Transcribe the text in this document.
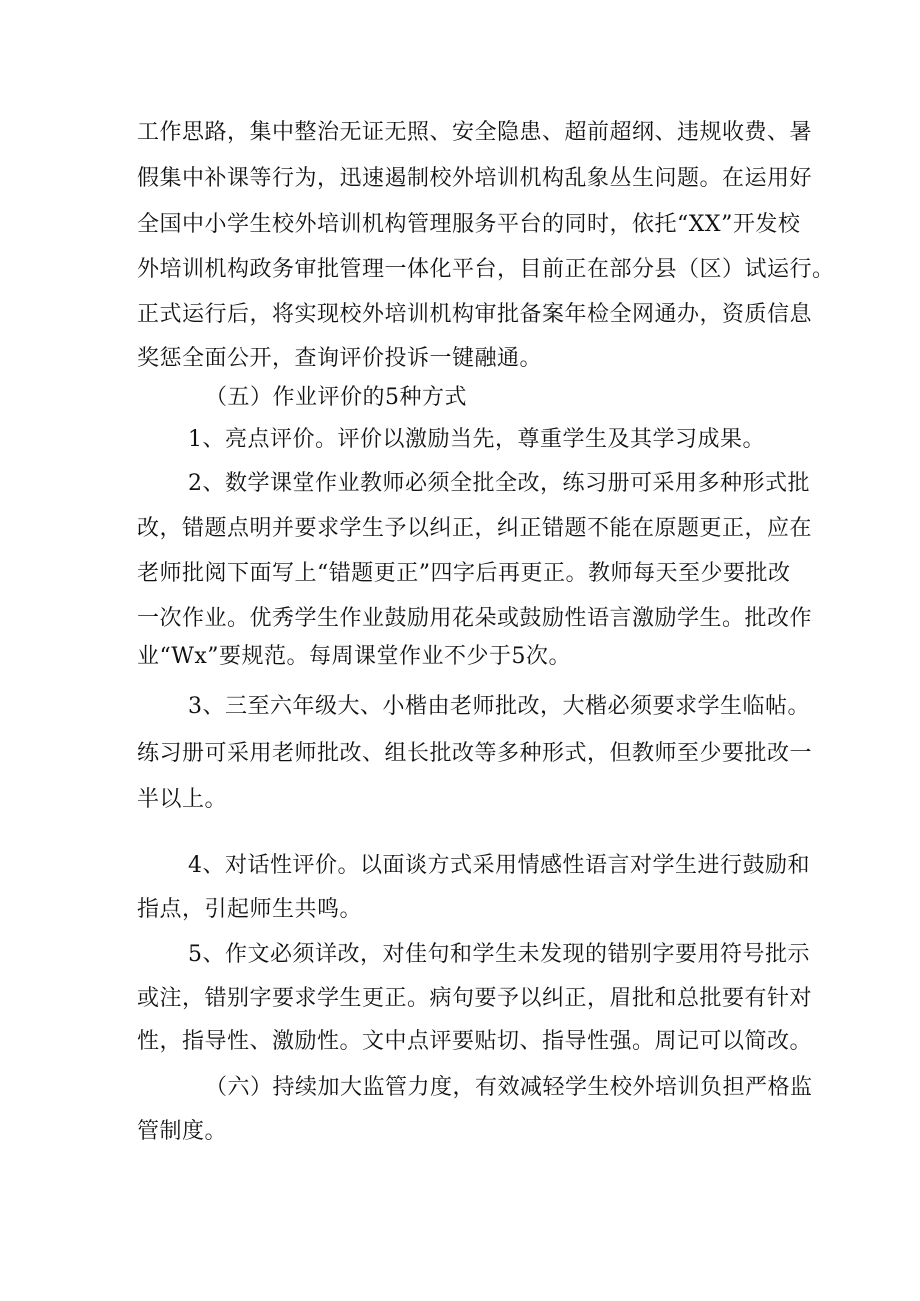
工作思路，集中整治无证无照、安全隐患、超前超纲、违规收费、暑
假集中补课等行为，迅速遏制校外培训机构乱象丛生问题。在运用好
全国中小学生校外培训机构管理服务平台的同时，依托“XX”开发校
外培训机构政务审批管理一体化平台，目前正在部分县（区）试运行。
正式运行后，将实现校外培训机构审批备案年检全网通办，资质信息
奖惩全面公开，查询评价投诉一键融通。
（五）作业评价的5种方式
1、亮点评价。评价以激励当先，尊重学生及其学习成果。
2、数学课堂作业教师必须全批全改，练习册可采用多种形式批
改，错题点明并要求学生予以纠正，纠正错题不能在原题更正，应在
老师批阅下面写上“错题更正”四字后再更正。教师每天至少要批改
一次作业。优秀学生作业鼓励用花朵或鼓励性语言激励学生。批改作
业“Wx”要规范。每周课堂作业不少于5次。
3、三至六年级大、小楷由老师批改，大楷必须要求学生临帖。
练习册可采用老师批改、组长批改等多种形式，但教师至少要批改一
半以上。
4、对话性评价。以面谈方式采用情感性语言对学生进行鼓励和
指点，引起师生共鸣。
5、作文必须详改，对佳句和学生未发现的错别字要用符号批示
或注，错别字要求学生更正。病句要予以纠正，眉批和总批要有针对
性，指导性、激励性。文中点评要贴切、指导性强。周记可以简改。
（六）持续加大监管力度，有效减轻学生校外培训负担严格监
管制度。
